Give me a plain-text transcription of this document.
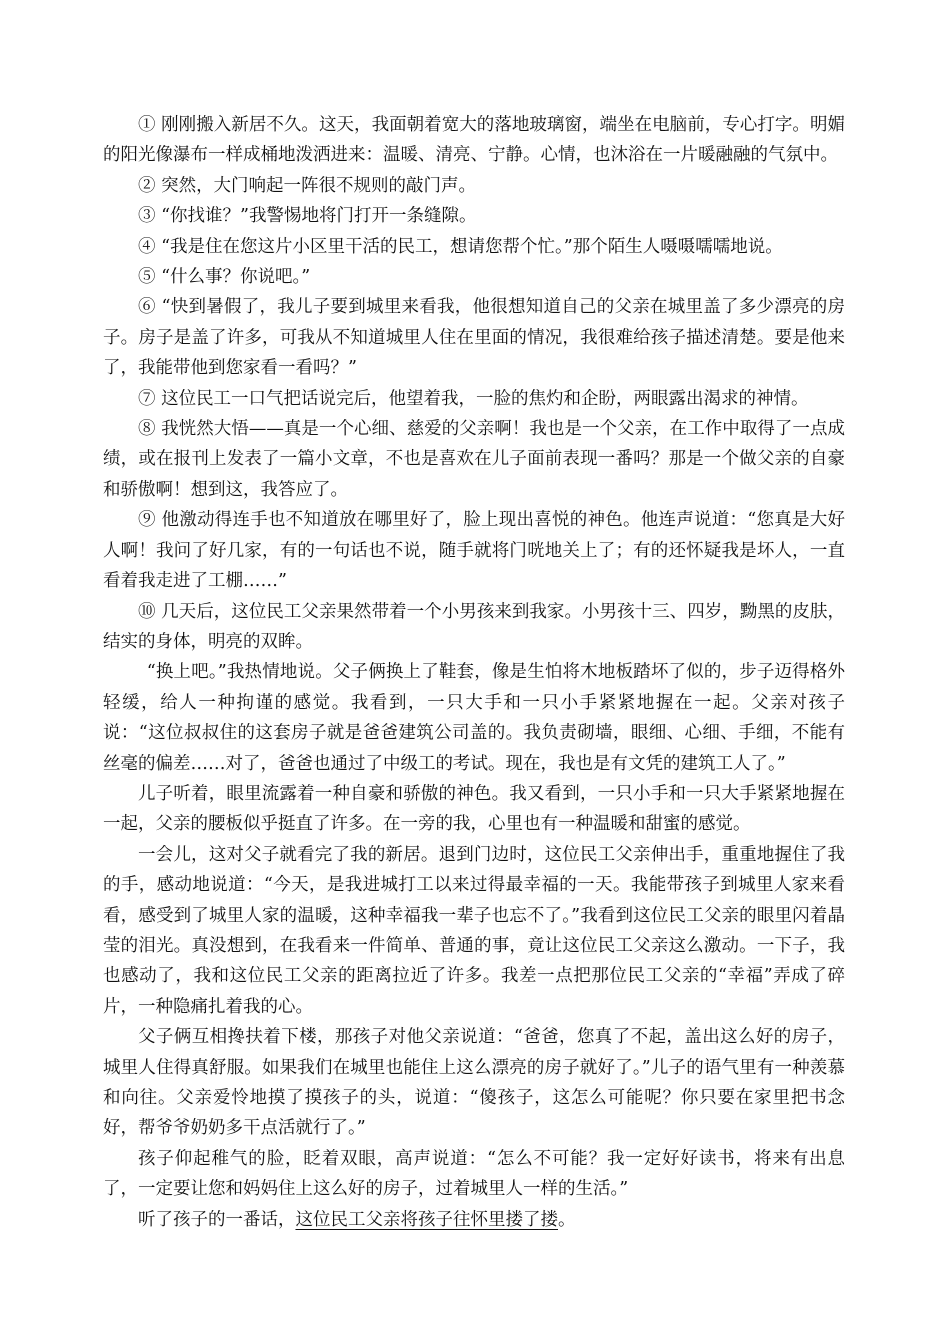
① 刚刚搬入新居不久。这天，我面朝着宽大的落地玻璃窗，端坐在电脑前，专心打字。明媚的阳光像瀑布一样成桶地泼洒进来：温暖、清亮、宁静。心情，也沐浴在一片暖融融的气氛中。

② 突然，大门响起一阵很不规则的敲门声。

③ “你找谁？”我警惕地将门打开一条缝隙。

④ “我是住在您这片小区里干活的民工，想请您帮个忙。”那个陌生人嗫嗫嚅嚅地说。

⑤ “什么事？你说吧。”

⑥ “快到暑假了，我儿子要到城里来看我，他很想知道自己的父亲在城里盖了多少漂亮的房子。房子是盖了许多，可我从不知道城里人住在里面的情况，我很难给孩子描述清楚。要是他来了，我能带他到您家看一看吗？”

⑦ 这位民工一口气把话说完后，他望着我，一脸的焦灼和企盼，两眼露出渴求的神情。

⑧ 我恍然大悟——真是一个心细、慈爱的父亲啊！我也是一个父亲，在工作中取得了一点成绩，或在报刊上发表了一篇小文章，不也是喜欢在儿子面前表现一番吗？那是一个做父亲的自豪和骄傲啊！想到这，我答应了。

⑨ 他激动得连手也不知道放在哪里好了，脸上现出喜悦的神色。他连声说道：“您真是大好人啊！我问了好几家，有的一句话也不说，随手就将门咣地关上了；有的还怀疑我是坏人，一直看着我走进了工棚……”

⑩ 几天后，这位民工父亲果然带着一个小男孩来到我家。小男孩十三、四岁，黝黑的皮肤，结实的身体，明亮的双眸。

“换上吧。”我热情地说。父子俩换上了鞋套，像是生怕将木地板踏坏了似的，步子迈得格外轻缓，给人一种拘谨的感觉。我看到，一只大手和一只小手紧紧地握在一起。父亲对孩子说：“这位叔叔住的这套房子就是爸爸建筑公司盖的。我负责砌墙，眼细、心细、手细，不能有丝毫的偏差……对了，爸爸也通过了中级工的考试。现在，我也是有文凭的建筑工人了。”

儿子听着，眼里流露着一种自豪和骄傲的神色。我又看到，一只小手和一只大手紧紧地握在一起，父亲的腰板似乎挺直了许多。在一旁的我，心里也有一种温暖和甜蜜的感觉。

一会儿，这对父子就看完了我的新居。退到门边时，这位民工父亲伸出手，重重地握住了我的手，感动地说道：“今天，是我进城打工以来过得最幸福的一天。我能带孩子到城里人家来看看，感受到了城里人家的温暖，这种幸福我一辈子也忘不了。”我看到这位民工父亲的眼里闪着晶莹的泪光。真没想到，在我看来一件简单、普通的事，竟让这位民工父亲这么激动。一下子，我也感动了，我和这位民工父亲的距离拉近了许多。我差一点把那位民工父亲的“幸福”弄成了碎片，一种隐痛扎着我的心。

父子俩互相搀扶着下楼，那孩子对他父亲说道：“爸爸，您真了不起，盖出这么好的房子，城里人住得真舒服。如果我们在城里也能住上这么漂亮的房子就好了。”儿子的语气里有一种羡慕和向往。父亲爱怜地摸了摸孩子的头，说道：“傻孩子，这怎么可能呢？你只要在家里把书念好，帮爷爷奶奶多干点活就行了。”

孩子仰起稚气的脸，眨着双眼，高声说道：“怎么不可能？我一定好好读书，将来有出息了，一定要让您和妈妈住上这么好的房子，过着城里人一样的生活。”

听了孩子的一番话，这位民工父亲将孩子往怀里搂了搂。
